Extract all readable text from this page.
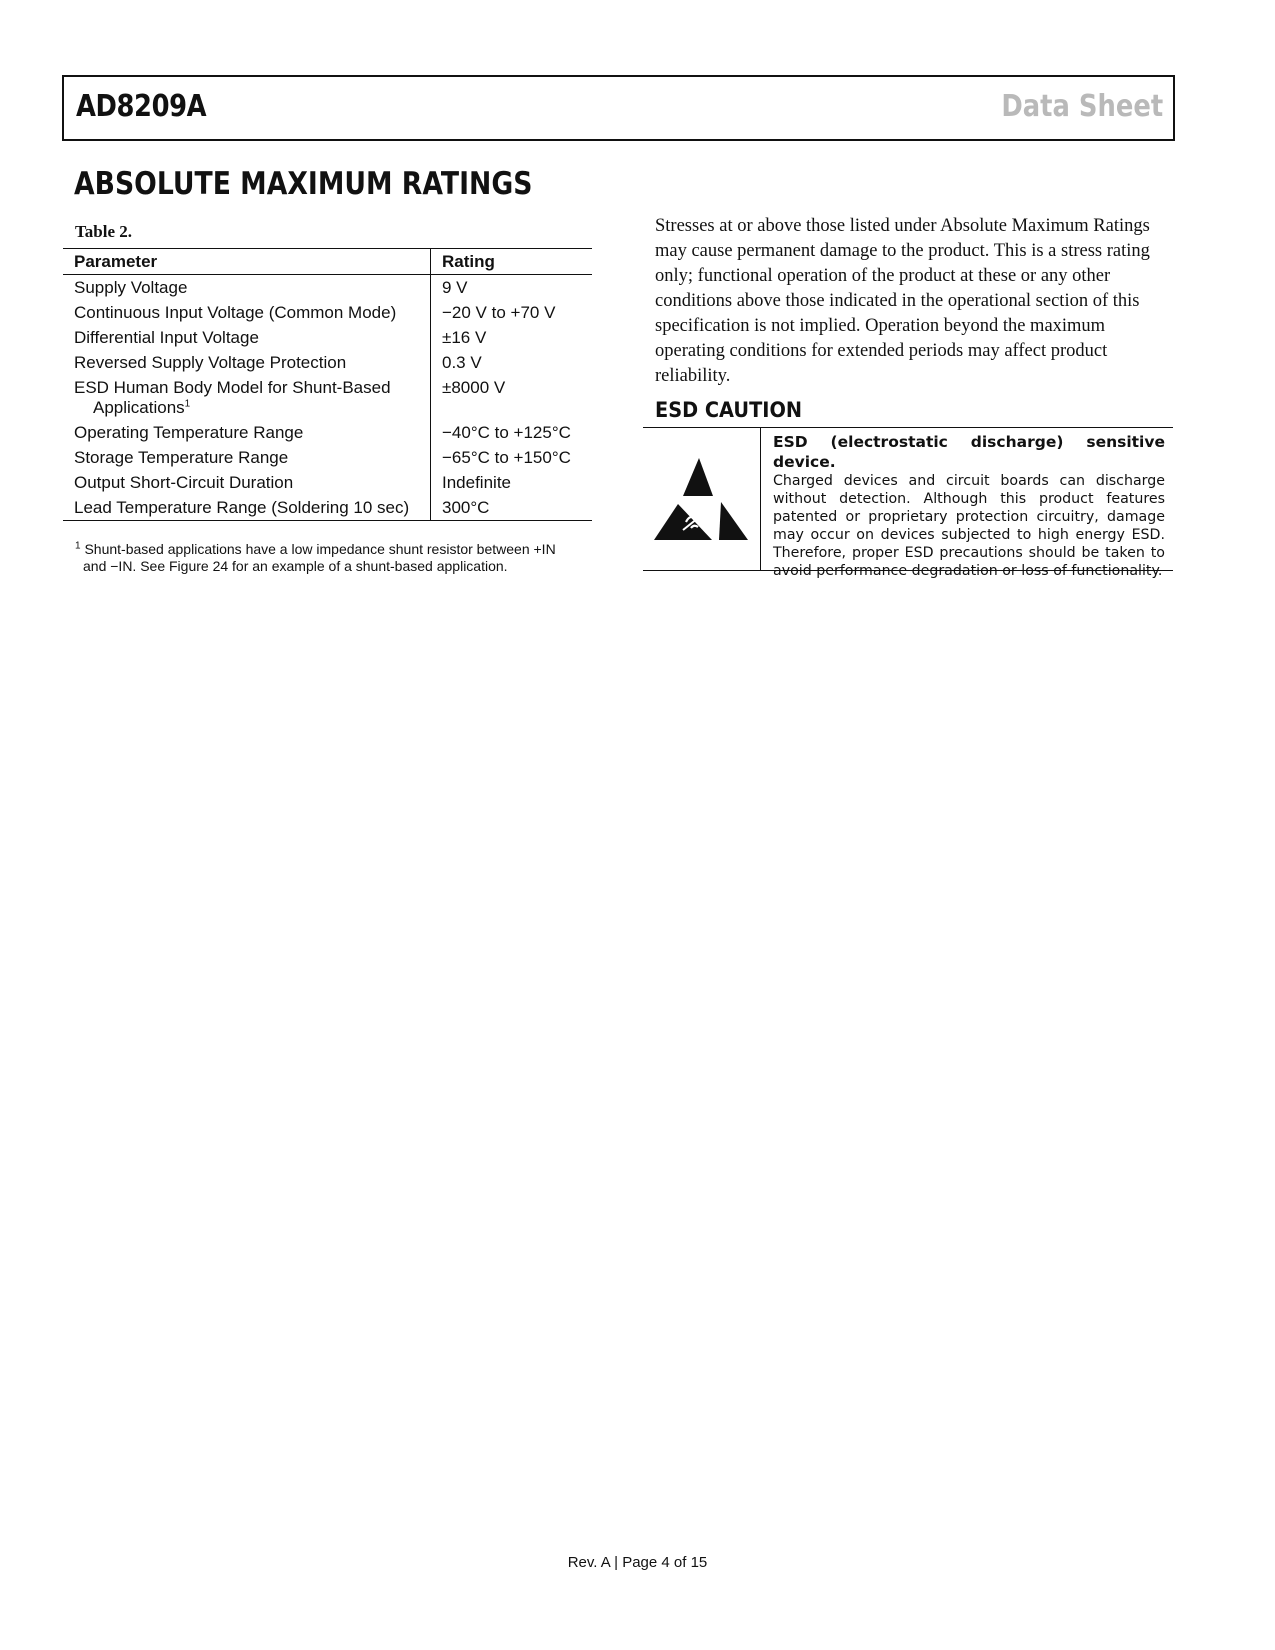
AD8209A	Data Sheet
ABSOLUTE MAXIMUM RATINGS
Table 2.
Parameter	Rating
Supply Voltage	9 V
Continuous Input Voltage (Common Mode)	−20 V to +70 V
Differential Input Voltage	±16 V
Reversed Supply Voltage Protection	0.3 V
ESD Human Body Model for Shunt-Based
Applications$^1$	±8000 V
Operating Temperature Range	−40°C to +125°C
Storage Temperature Range	−65°C to +150°C
Output Short-Circuit Duration	Indefinite
Lead Temperature Range (Soldering 10 sec)	300°C
$^1$ Shunt-based applications have a low impedance shunt resistor between +IN
and −IN. See Figure 24 for an example of a shunt-based application.
Stresses at or above those listed under Absolute Maximum Ratings may cause permanent damage to the product. This is a stress rating only; functional operation of the product at these or any other conditions above those indicated in the operational section of this specification is not implied. Operation beyond the maximum operating conditions for extended periods may affect product reliability.
ESD CAUTION
ESD (electrostatic discharge) sensitive device.
Charged devices and circuit boards can discharge without detection. Although this product features patented or proprietary protection circuitry, damage may occur on devices subjected to high energy ESD. Therefore, proper ESD precautions should be taken to avoid performance degradation or loss of functionality.
Rev. A | Page 4 of 15
